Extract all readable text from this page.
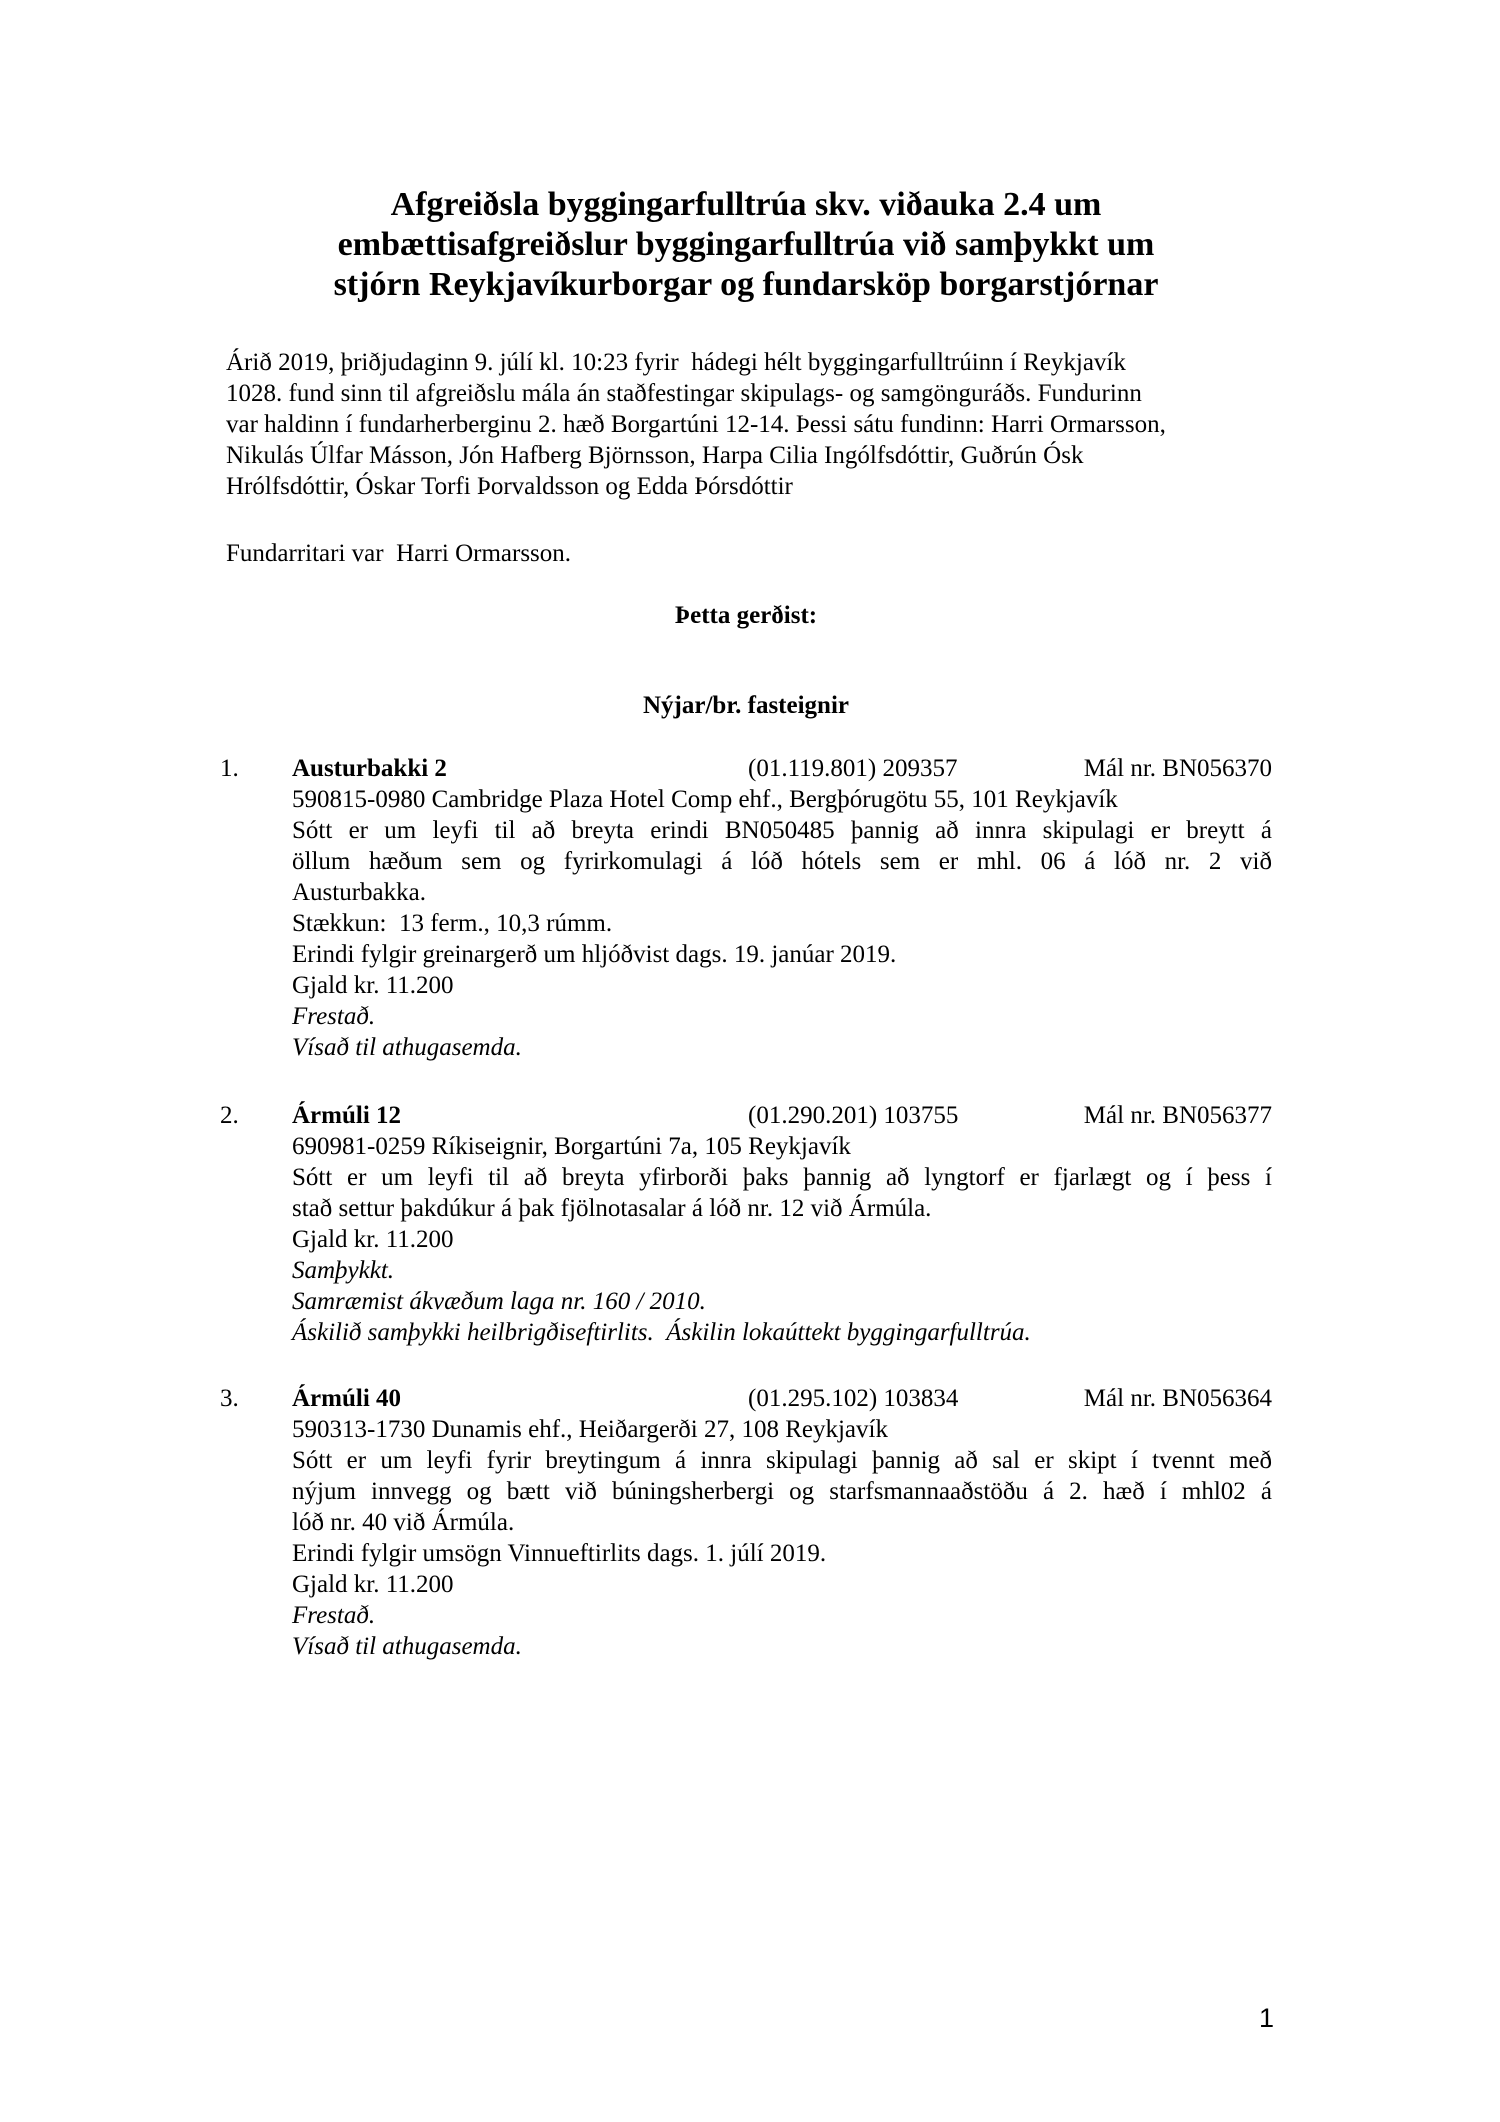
Afgreiðsla byggingarfulltrúa skv. viðauka 2.4 um
embættisafgreiðslur byggingarfulltrúa við samþykkt um
stjórn Reykjavíkurborgar og fundarsköp borgarstjórnar
Árið 2019, þriðjudaginn 9. júlí kl. 10:23 fyrir  hádegi hélt byggingarfulltrúinn í Reykjavík
1028. fund sinn til afgreiðslu mála án staðfestingar skipulags- og samgönguráðs. Fundurinn
var haldinn í fundarherberginu 2. hæð Borgartúni 12-14. Þessi sátu fundinn: Harri Ormarsson,
Nikulás Úlfar Másson, Jón Hafberg Björnsson, Harpa Cilia Ingólfsdóttir, Guðrún Ósk
Hrólfsdóttir, Óskar Torfi Þorvaldsson og Edda Þórsdóttir
Fundarritari var  Harri Ormarsson.
Þetta gerðist:
Nýjar/br. fasteignir
1. Austurbakki 2	(01.119.801) 209357	Mál nr. BN056370
590815-0980 Cambridge Plaza Hotel Comp ehf., Bergþórugötu 55, 101 Reykjavík
Sótt er um leyfi til að breyta erindi BN050485 þannig að innra skipulagi er breytt á
öllum hæðum sem og fyrirkomulagi á lóð hótels sem er mhl. 06 á lóð nr. 2 við
Austurbakka.
Stækkun:  13 ferm., 10,3 rúmm.
Erindi fylgir greinargerð um hljóðvist dags. 19. janúar 2019.
Gjald kr. 11.200
Frestað.
Vísað til athugasemda.
2. Ármúli 12	(01.290.201) 103755	Mál nr. BN056377
690981-0259 Ríkiseignir, Borgartúni 7a, 105 Reykjavík
Sótt er um leyfi til að breyta yfirborði þaks þannig að lyngtorf er fjarlægt og í þess í
stað settur þakdúkur á þak fjölnotasalar á lóð nr. 12 við Ármúla.
Gjald kr. 11.200
Samþykkt.
Samræmist ákvæðum laga nr. 160 / 2010.
Áskilið samþykki heilbrigðiseftirlits.  Áskilin lokaúttekt byggingarfulltrúa.
3. Ármúli 40	(01.295.102) 103834	Mál nr. BN056364
590313-1730 Dunamis ehf., Heiðargerði 27, 108 Reykjavík
Sótt er um leyfi fyrir breytingum á innra skipulagi þannig að sal er skipt í tvennt með
nýjum innvegg og bætt við búningsherbergi og starfsmannaaðstöðu á 2. hæð í mhl02 á
lóð nr. 40 við Ármúla.
Erindi fylgir umsögn Vinnueftirlits dags. 1. júlí 2019.
Gjald kr. 11.200
Frestað.
Vísað til athugasemda.
1
